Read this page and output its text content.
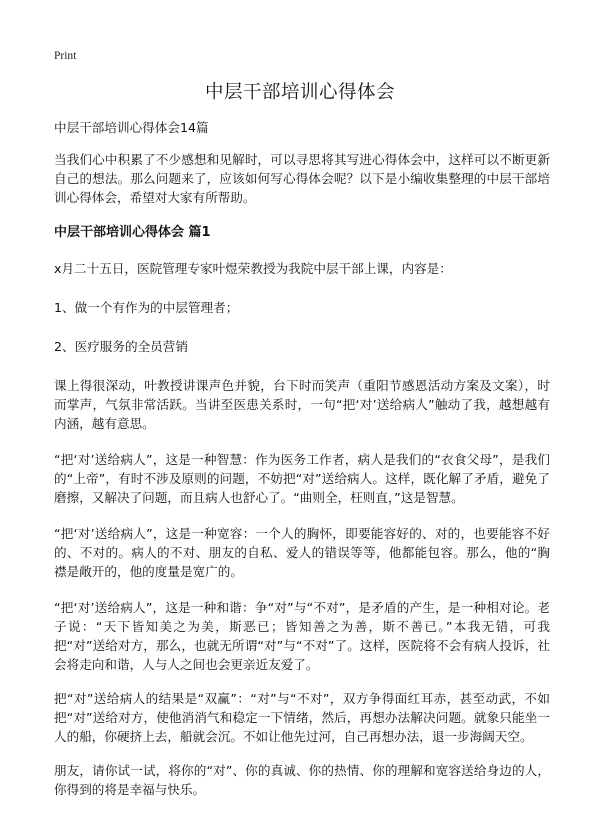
Print
中层干部培训心得体会

中层干部培训心得体会14篇

当我们心中积累了不少感想和见解时，可以寻思将其写进心得体会中，这样可以不断更新自己的想法。那么问题来了，应该如何写心得体会呢？以下是小编收集整理的中层干部培训心得体会，希望对大家有所帮助。

中层干部培训心得体会 篇1

x月二十五日，医院管理专家叶煜荣教授为我院中层干部上课，内容是：

1、做一个有作为的中层管理者；

2、医疗服务的全员营销

课上得很深动，叶教授讲课声色并貌，台下时而笑声（重阳节感恩活动方案及文案），时而掌声，气氛非常活跃。当讲至医患关系时，一句“把‘对’送给病人”触动了我，越想越有内涵，越有意思。

“把‘对’送给病人”，这是一种智慧：作为医务工作者，病人是我们的“衣食父母”，是我们的“上帝”，有时不涉及原则的问题，不妨把“对”送给病人。这样，既化解了矛盾，避免了磨擦，又解决了问题，而且病人也舒心了。“曲则全，枉则直，”这是智慧。

“把‘对’送给病人”，这是一种宽容：一个人的胸怀，即要能容好的、对的，也要能容不好的、不对的。病人的不对、朋友的自私、爱人的错误等等，他都能包容。那么，他的“胸襟是敞开的，他的度量是宽广的。

“把‘对’送给病人”，这是一种和谐：争“对”与“不对”，是矛盾的产生，是一种相对论。老子说：“天下皆知美之为美，斯恶已；皆知善之为善，斯不善已。”本我无错，可我把“对”送给对方，那么，也就无所谓“对”与“不对”了。这样，医院将不会有病人投诉，社会将走向和谐，人与人之间也会更亲近友爱了。

把“对”送给病人的结果是“双赢”：“对”与“不对”，双方争得面红耳赤，甚至动武，不如把“对”送给对方，使他消消气和稳定一下情绪，然后，再想办法解决问题。就象只能坐一人的船，你硬挤上去，船就会沉。不如让他先过河，自己再想办法，退一步海阔天空。

朋友，请你试一试，将你的“对”、你的真诚、你的热情、你的理解和宽容送给身边的人，你得到的将是幸福与快乐。
